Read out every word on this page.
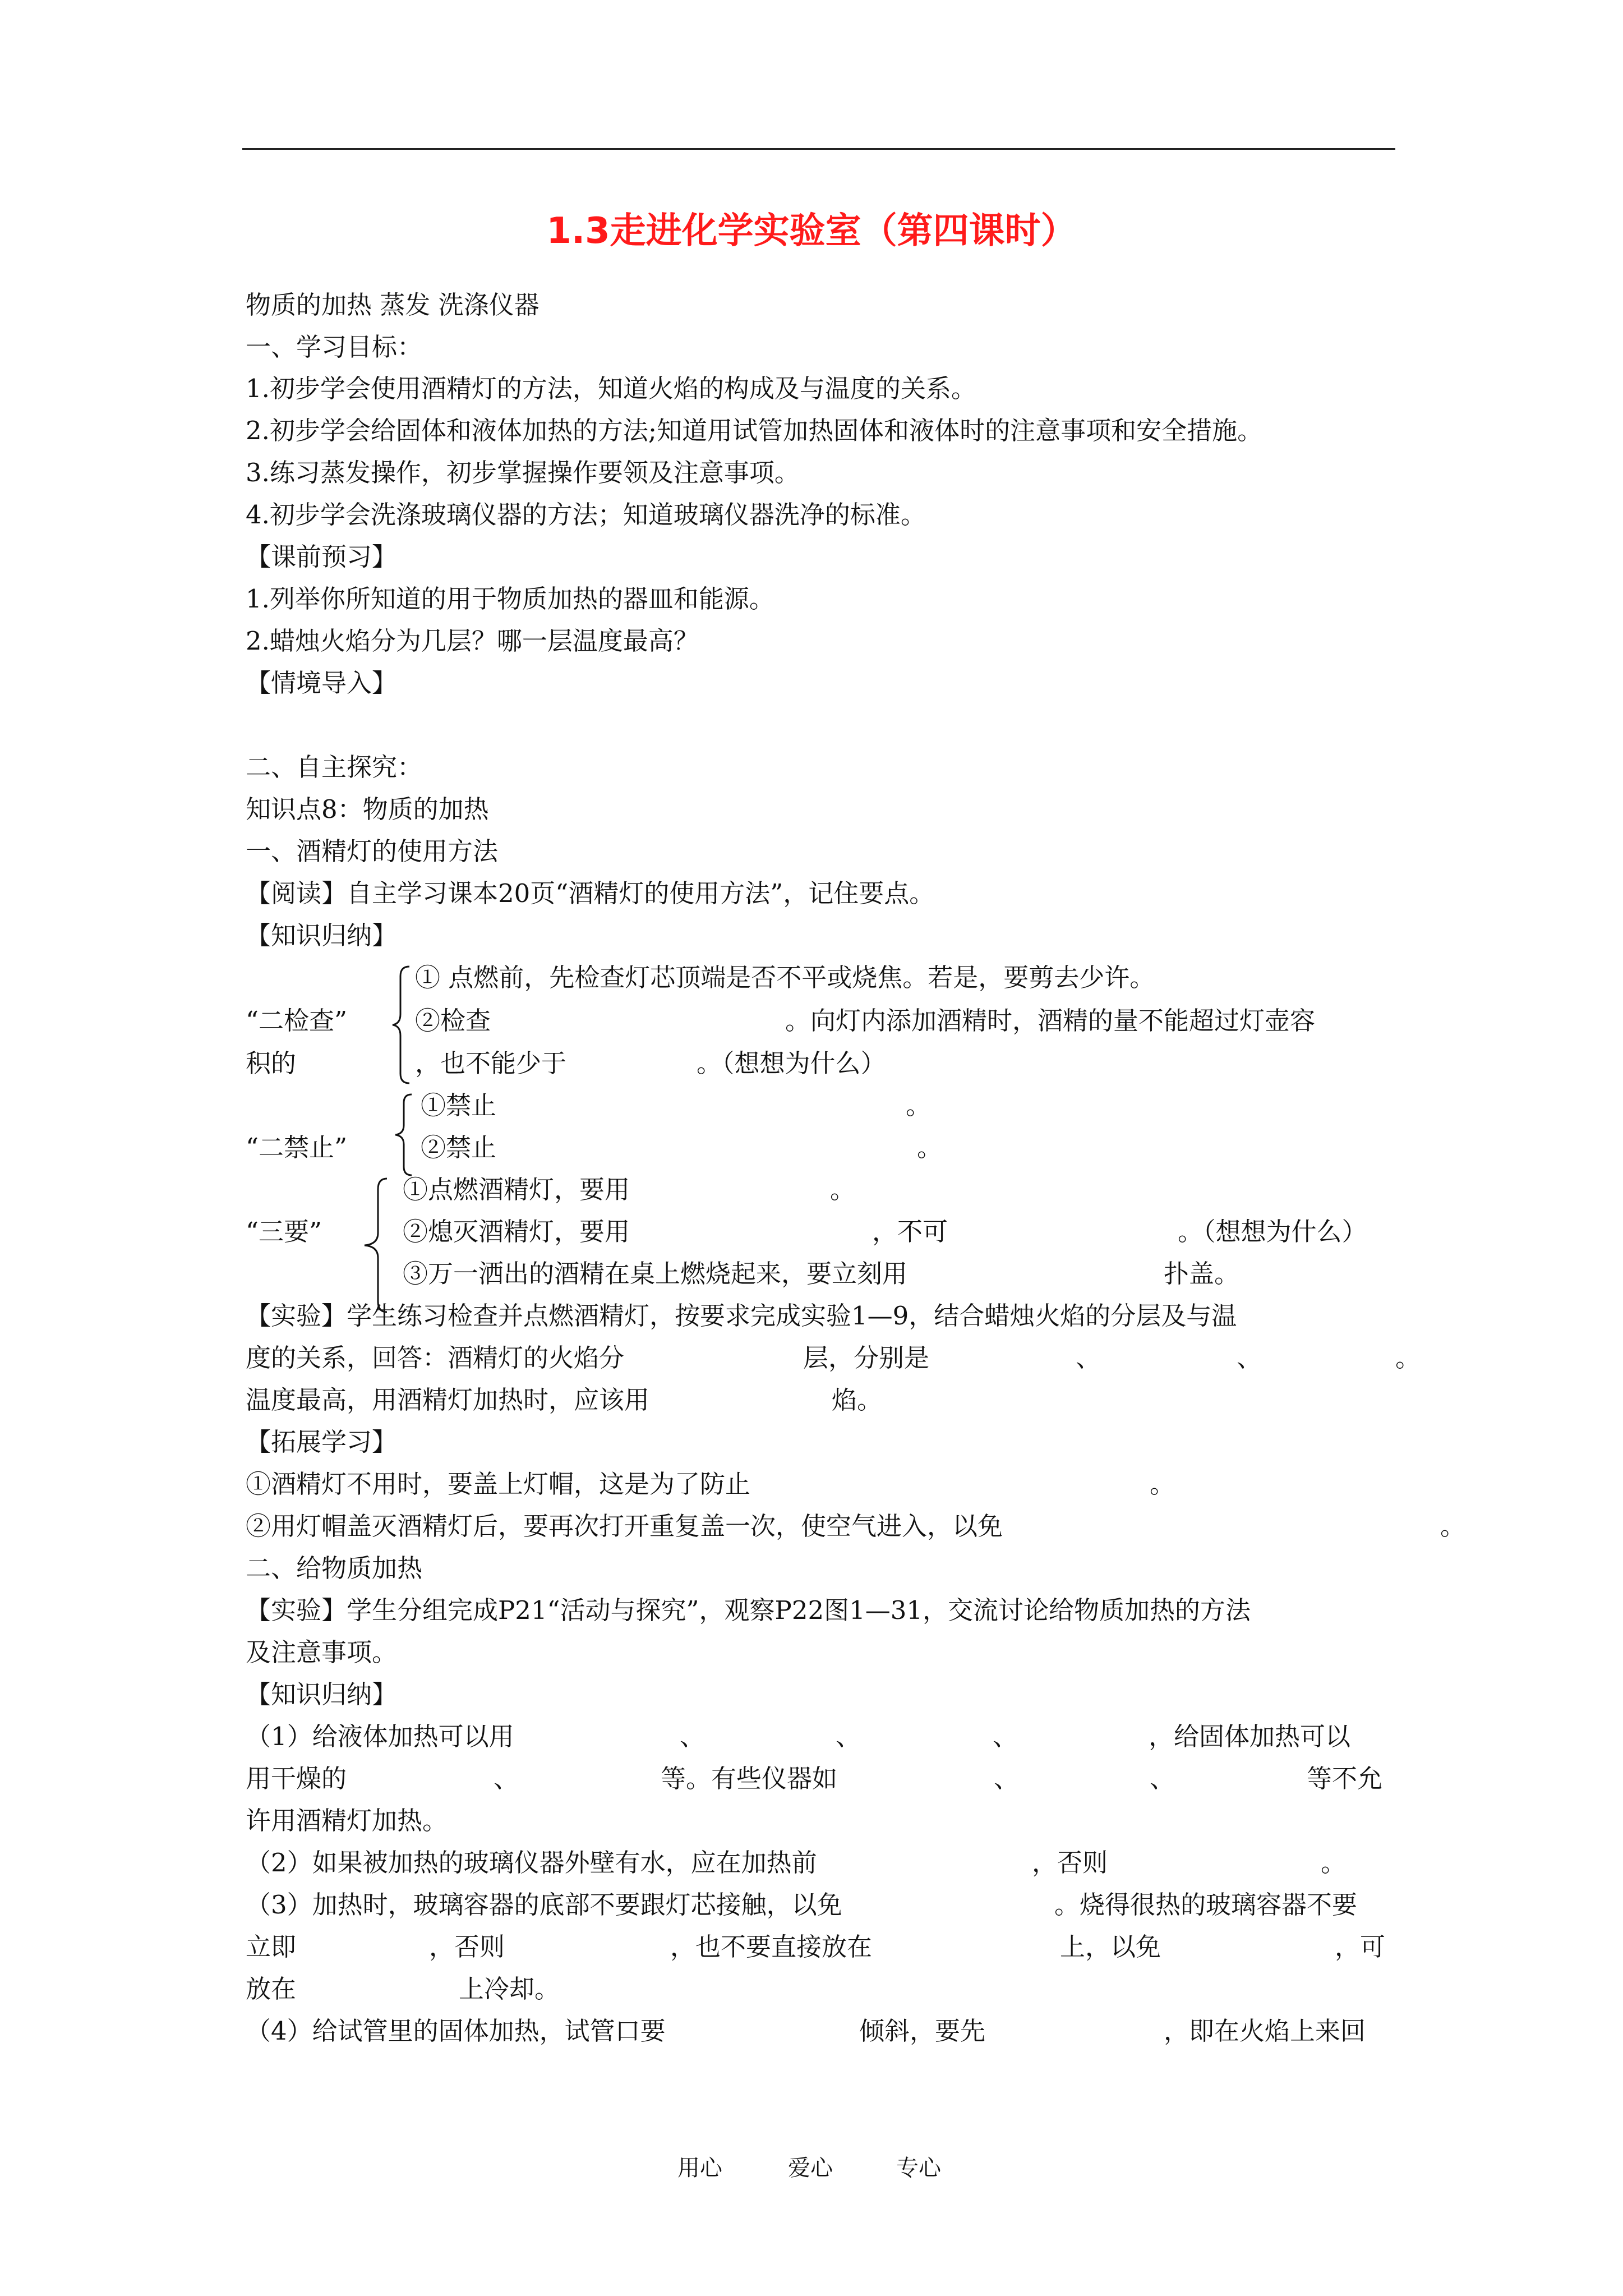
1.3走进化学实验室（第四课时）
物质的加热 蒸发 洗涤仪器
一、学习目标：
1.初步学会使用酒精灯的方法，知道火焰的构成及与温度的关系。
2.初步学会给固体和液体加热的方法;知道用试管加热固体和液体时的注意事项和安全措施。
3.练习蒸发操作，初步掌握操作要领及注意事项。
4.初步学会洗涤玻璃仪器的方法；知道玻璃仪器洗净的标准。
【课前预习】
1.列举你所知道的用于物质加热的器皿和能源。
2.蜡烛火焰分为几层？哪一层温度最高？
【情境导入】
二、自主探究：
知识点8：物质的加热
一、酒精灯的使用方法
【阅读】自主学习课本20页“酒精灯的使用方法”，记住要点。
【知识归纳】
① 点燃前，先检查灯芯顶端是否不平或烧焦。若是，要剪去少许。
“二检查”	②检查	。向灯内添加酒精时，酒精的量不能超过灯壶容
积的	，也不能少于	。（想想为什么）
①禁止	。
“二禁止”	②禁止	。
①点燃酒精灯，要用	。
“三要”	②熄灭酒精灯，要用	，不可	。（想想为什么）
③万一洒出的酒精在桌上燃烧起来，要立刻用	扑盖。
【实验】学生练习检查并点燃酒精灯，按要求完成实验1—9，结合蜡烛火焰的分层及与温
度的关系，回答：酒精灯的火焰分	层，分别是	、	、	。
温度最高，用酒精灯加热时，应该用	焰。
【拓展学习】
①酒精灯不用时，要盖上灯帽，这是为了防止	。
②用灯帽盖灭酒精灯后，要再次打开重复盖一次，使空气进入，以免	。
二、给物质加热
【实验】学生分组完成P21“活动与探究”，观察P22图1—31，交流讨论给物质加热的方法
及注意事项。
【知识归纳】
（1）给液体加热可以用	、	、	、	，给固体加热可以
用干燥的	、	等。有些仪器如	、	、	等不允
许用酒精灯加热。
（2）如果被加热的玻璃仪器外壁有水，应在加热前	，否则	。
（3）加热时，玻璃容器的底部不要跟灯芯接触，以免	。烧得很热的玻璃容器不要
立即	，否则	，也不要直接放在	上，以免	，可
放在	上冷却。
（4）给试管里的固体加热，试管口要	倾斜，要先	，即在火焰上来回
用心	爱心	专心
